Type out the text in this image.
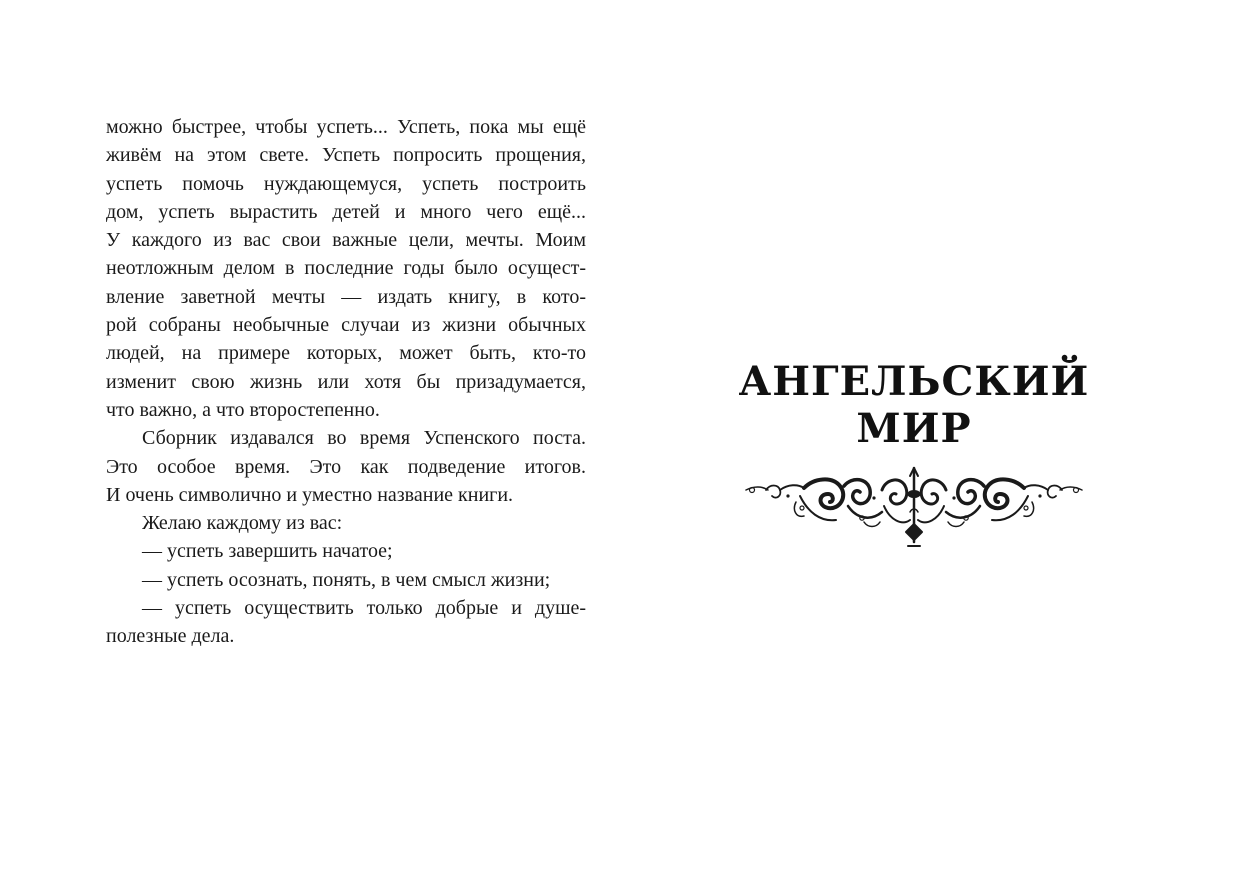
можно быстрее, чтобы успеть... Успеть, пока мы ещё
живём на этом свете. Успеть попросить прощения,
успеть помочь нуждающемуся, успеть построить
дом, успеть вырастить детей и много чего ещё...
У каждого из вас свои важные цели, мечты. Моим
неотложным делом в последние годы было осущест-
вление заветной мечты — издать книгу, в кото-
рой собраны необычные случаи из жизни обычных
людей, на примере которых, может быть, кто-то
изменит свою жизнь или хотя бы призадумается,
что важно, а что второстепенно.
Сборник издавался во время Успенского поста.
Это особое время. Это как подведение итогов.
И очень символично и уместно название книги.
Желаю каждому из вас:
— успеть завершить начатое;
— успеть осознать, понять, в чем смысл жизни;
— успеть осуществить только добрые и душе-
полезные дела.
АНГЕЛЬСКИЙ
МИР
